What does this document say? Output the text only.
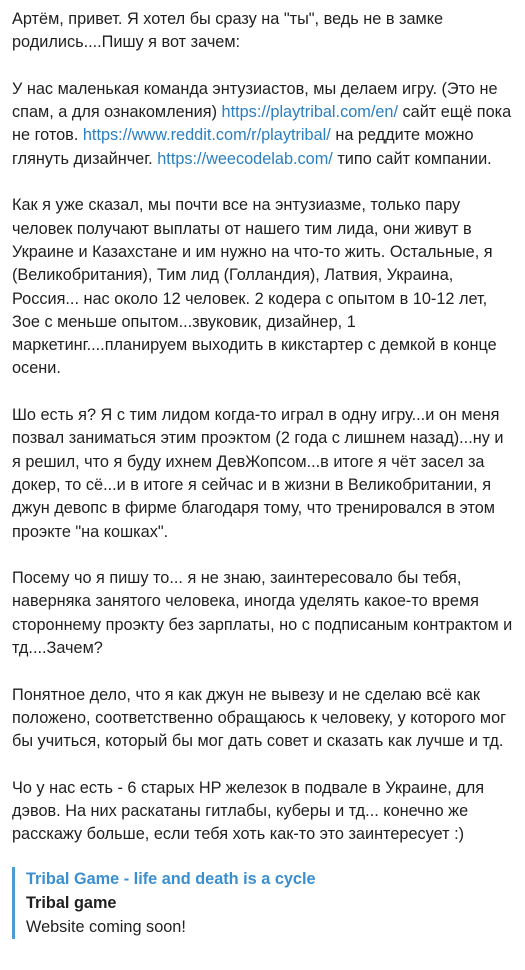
Артём, привет. Я хотел бы сразу на "ты", ведь не в замке родились....Пишу я вот зачем:

У нас маленькая команда энтузиастов, мы делаем игру. (Это не спам, а для ознакомления) https://playtribal.com/en/ сайт ещё пока не готов. https://www.reddit.com/r/playtribal/ на реддите можно глянуть дизайнчег. https://weecodelab.com/ типо сайт компании.

Как я уже сказал, мы почти все на энтузиазме, только пару человек получают выплаты от нашего тим лида, они живут в Украине и Казахстане и им нужно на что-то жить. Остальные, я (Великобритания), Тим лид (Голландия), Латвия, Украина, Россия... нас около 12 человек. 2 кодера с опытом в 10-12 лет, Зое с меньше опытом...звуковик, дизайнер, 1 маркетинг....планируем выходить в кикстартер с демкой в конце осени.

Шо есть я? Я с тим лидом когда-то играл в одну игру...и он меня позвал заниматься этим проэктом (2 года с лишнем назад)...ну и я решил, что я буду ихнем ДевЖопсом...в итоге я чёт засел за докер, то сё...и в итоге я сейчас и в жизни в Великобритании, я джун девопс в фирме благодаря тому, что тренировался в этом проэкте "на кошках".

Посему чо я пишу то... я не знаю, заинтересовало бы тебя, наверняка занятого человека, иногда уделять какое-то время стороннему проэкту без зарплаты, но с подписаным контрактом и тд....Зачем?

Понятное дело, что я как джун не вывезу и не сделаю всё как положено, соответственно обращаюсь к человеку, у которого мог бы учиться, который бы мог дать совет и сказать как лучше и тд.

Чо у нас есть - 6 старых HP железок в подвале в Украине, для дэвов. На них раскатаны гитлабы, куберы и тд... конечно же расскажу больше, если тебя хоть как-то это заинтересует :)

Tribal Game - life and death is a cycle
Tribal game
Website coming soon!
